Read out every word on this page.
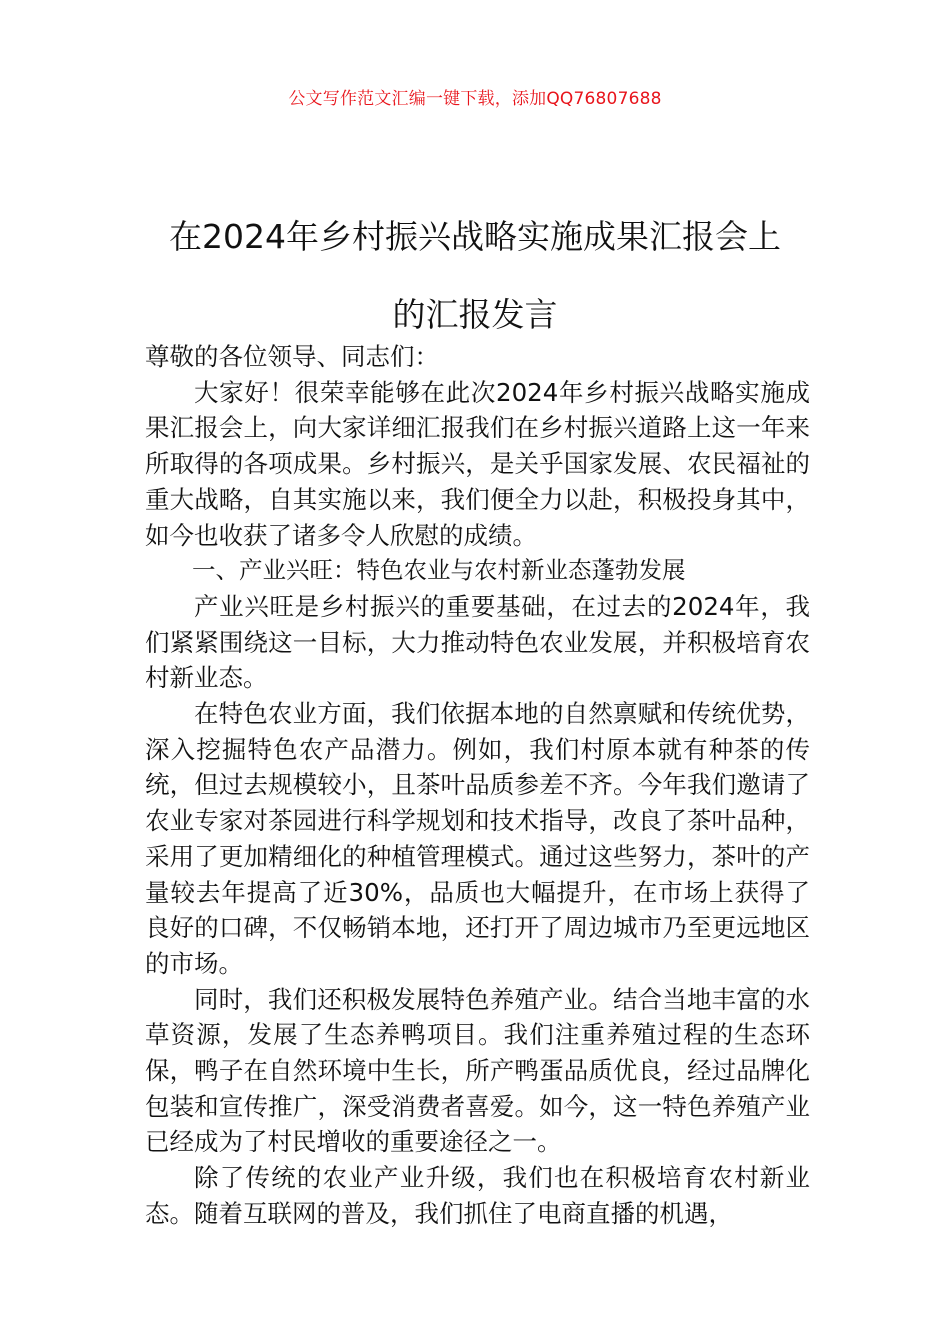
公文写作范文汇编一键下载，添加QQ76807688
在2024年乡村振兴战略实施成果汇报会上
的汇报发言

尊敬的各位领导、同志们：

大家好！很荣幸能够在此次2024年乡村振兴战略实施成果汇报会上，向大家详细汇报我们在乡村振兴道路上这一年来所取得的各项成果。乡村振兴，是关乎国家发展、农民福祉的重大战略，自其实施以来，我们便全力以赴，积极投身其中，如今也收获了诸多令人欣慰的成绩。

一、产业兴旺：特色农业与农村新业态蓬勃发展

产业兴旺是乡村振兴的重要基础，在过去的2024年，我们紧紧围绕这一目标，大力推动特色农业发展，并积极培育农村新业态。

在特色农业方面，我们依据本地的自然禀赋和传统优势，深入挖掘特色农产品潜力。例如，我们村原本就有种茶的传统，但过去规模较小，且茶叶品质参差不齐。今年我们邀请了农业专家对茶园进行科学规划和技术指导，改良了茶叶品种，采用了更加精细化的种植管理模式。通过这些努力，茶叶的产量较去年提高了近30%，品质也大幅提升，在市场上获得了良好的口碑，不仅畅销本地，还打开了周边城市乃至更远地区的市场。

同时，我们还积极发展特色养殖产业。结合当地丰富的水草资源，发展了生态养鸭项目。我们注重养殖过程的生态环保，鸭子在自然环境中生长，所产鸭蛋品质优良，经过品牌化包装和宣传推广，深受消费者喜爱。如今，这一特色养殖产业已经成为了村民增收的重要途径之一。

除了传统的农业产业升级，我们也在积极培育农村新业态。随着互联网的普及，我们抓住了电商直播的机遇，
